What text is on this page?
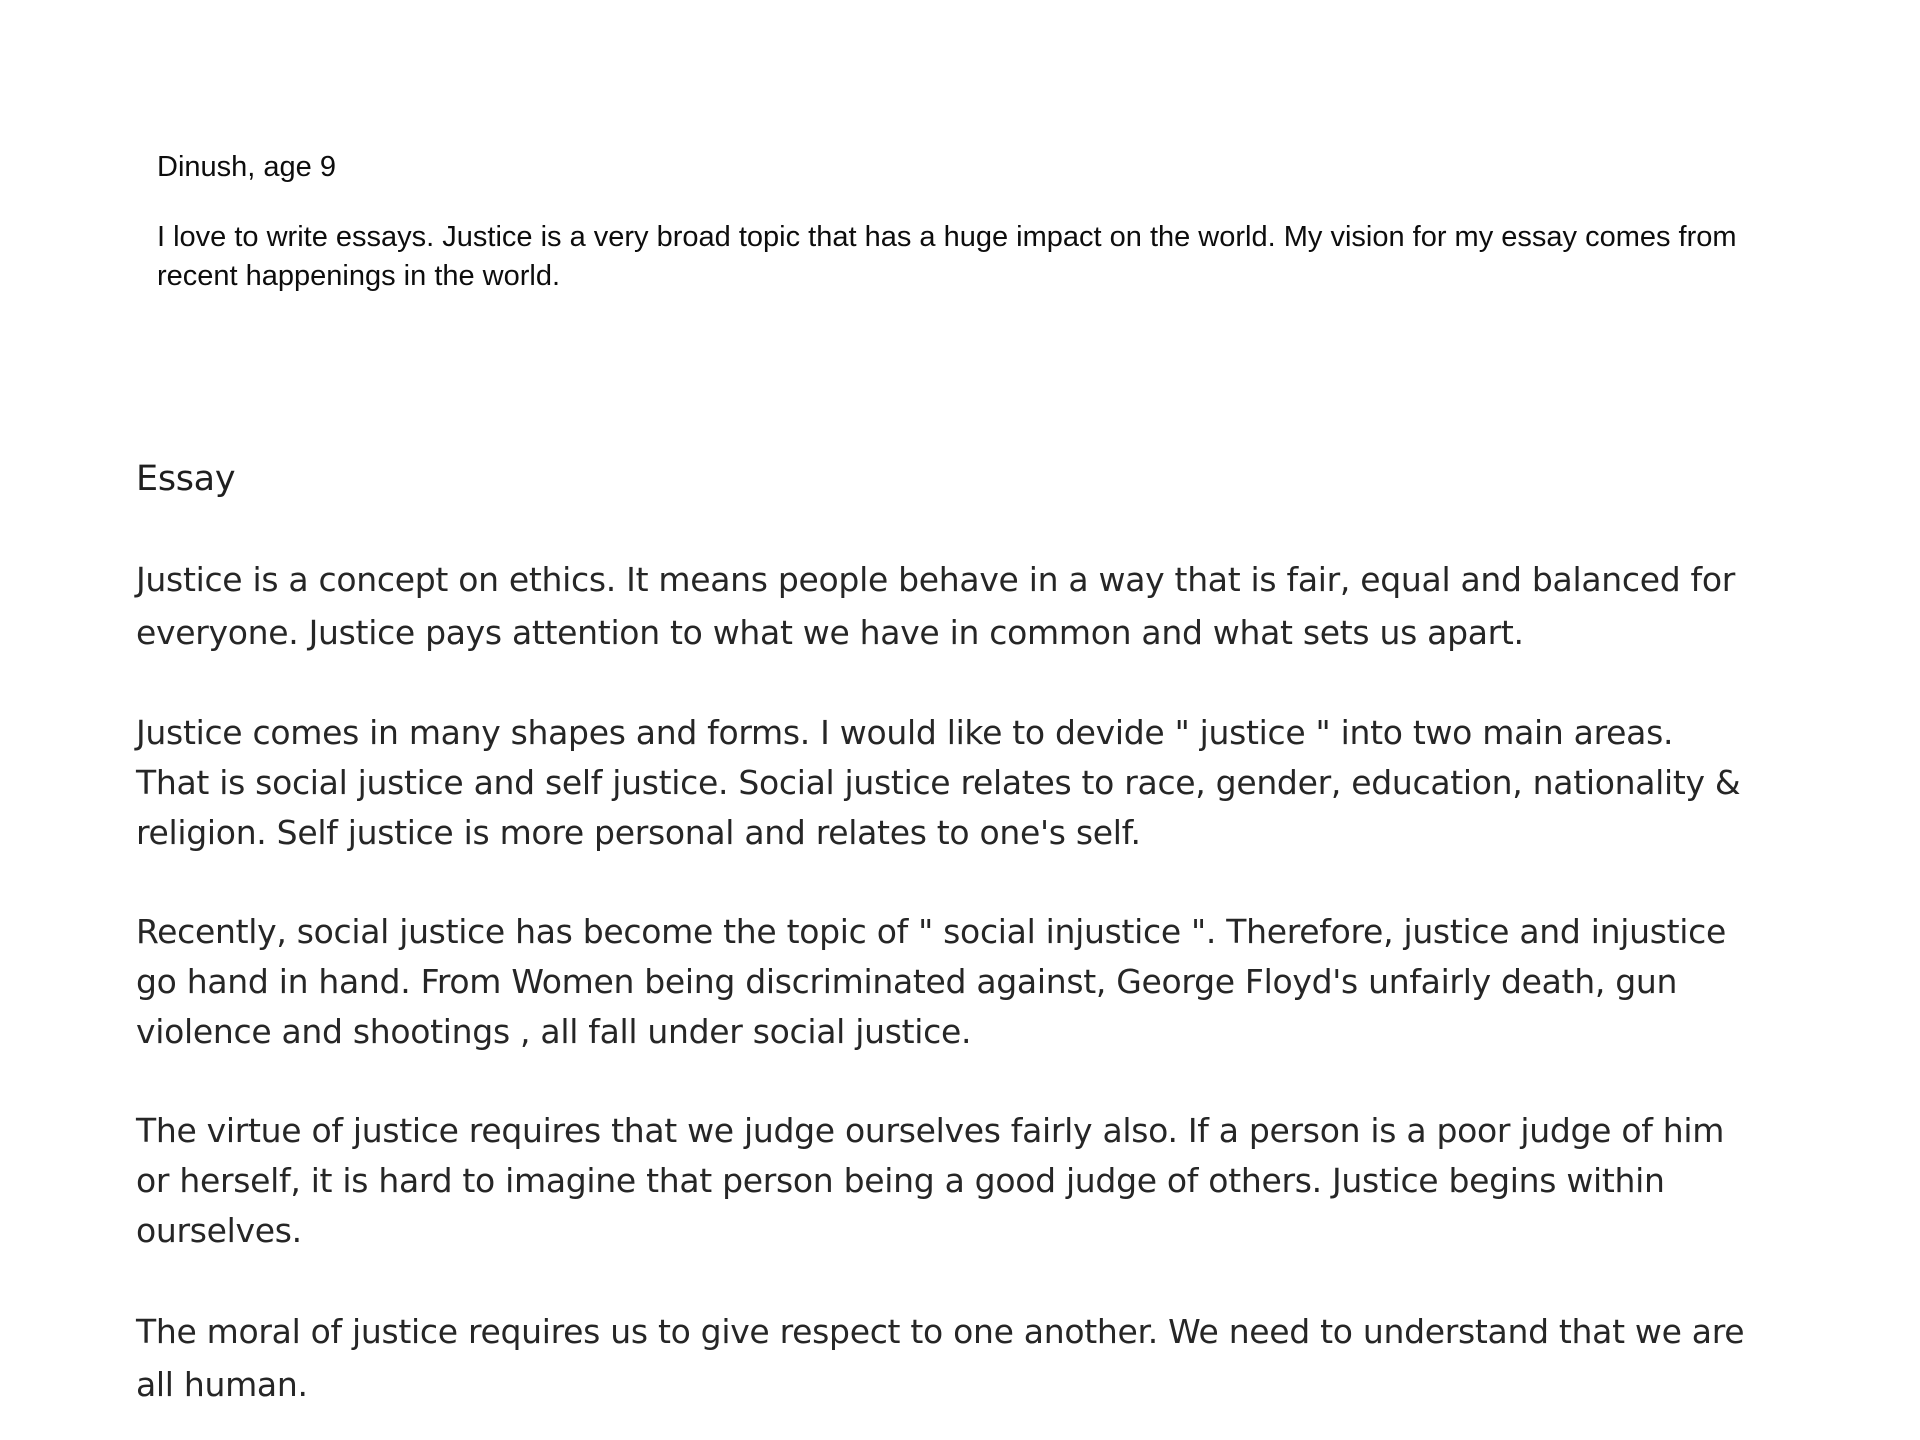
Dinush, age 9

I love to write essays. Justice is a very broad topic that has a huge impact on the world. My vision for my essay comes from recent happenings in the world.

Essay

Justice is a concept on ethics. It means people behave in a way that is fair, equal and balanced for everyone. Justice pays attention to what we have in common and what sets us apart.

Justice comes in many shapes and forms. I would like to devide " justice " into two main areas. That is social justice and self justice. Social justice relates to race, gender, education, nationality & religion. Self justice is more personal and relates to one's self.

Recently, social justice has become the topic of " social injustice ". Therefore, justice and injustice go hand in hand. From Women being discriminated against, George Floyd's unfairly death, gun violence and shootings , all fall under social justice.

The virtue of justice requires that we judge ourselves fairly also. If a person is a poor judge of him or herself, it is hard to imagine that person being a good judge of others. Justice begins within ourselves.

The moral of justice requires us to give respect to one another. We need to understand that we are all human.
